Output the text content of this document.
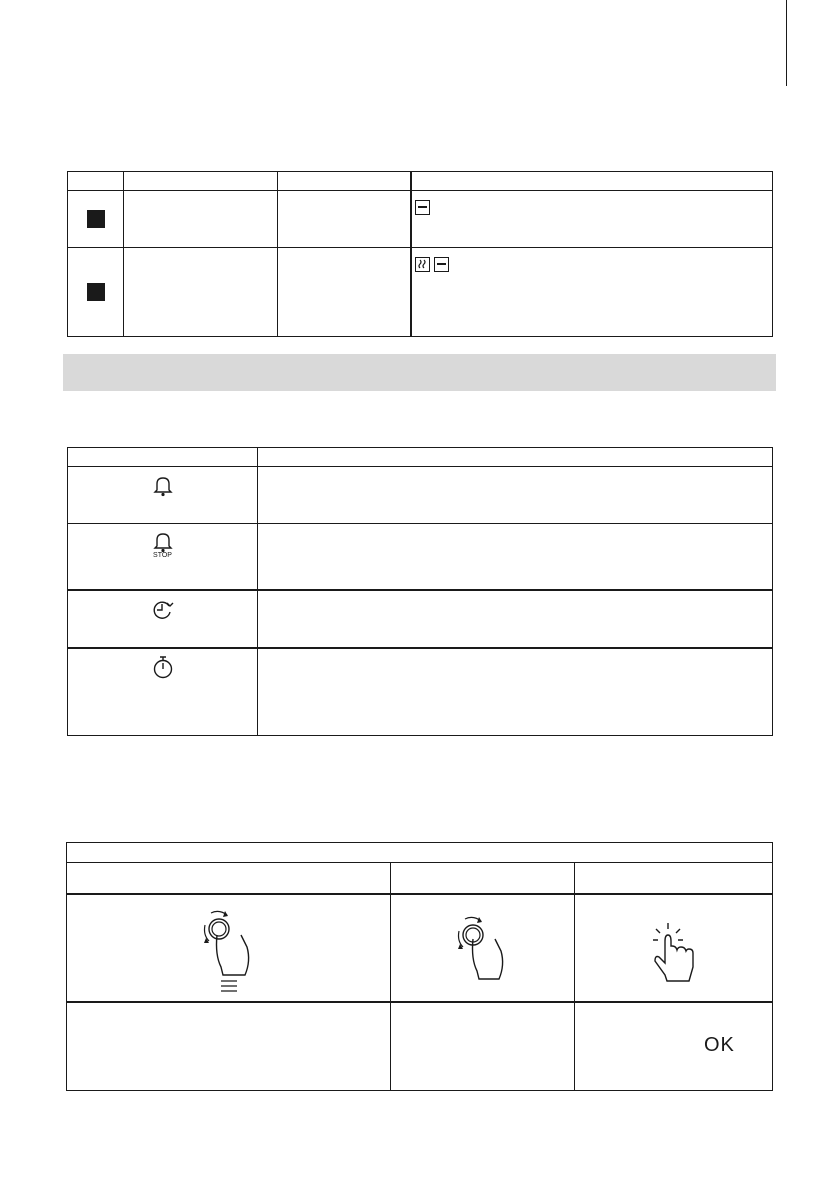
STOP	

		OK
